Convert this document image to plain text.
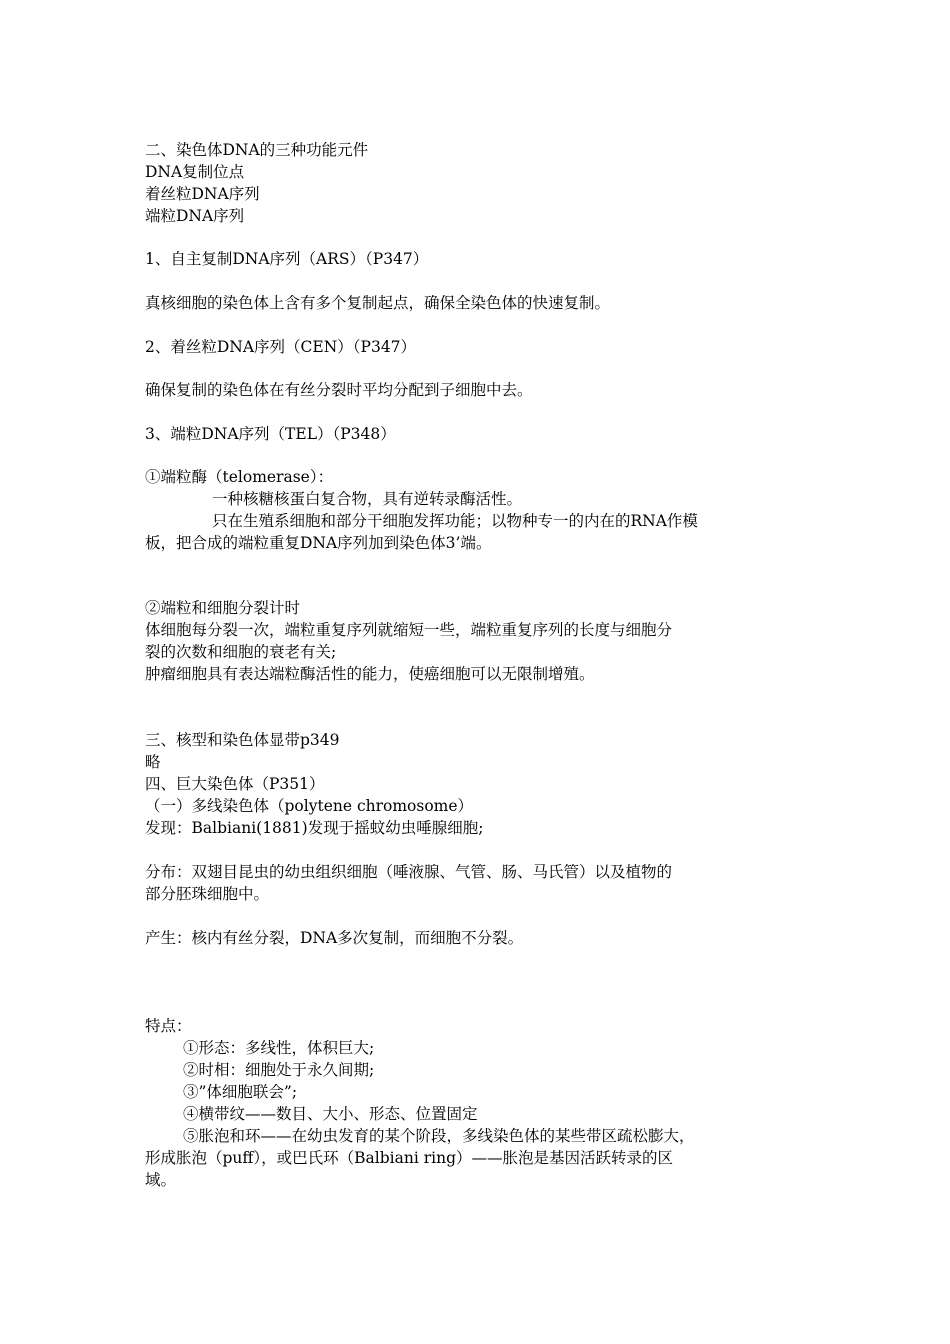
二、染色体DNA的三种功能元件
DNA复制位点
着丝粒DNA序列
端粒DNA序列
1、自主复制DNA序列（ARS）（P347）
真核细胞的染色体上含有多个复制起点，确保全染色体的快速复制。
2、着丝粒DNA序列（CEN）（P347）
确保复制的染色体在有丝分裂时平均分配到子细胞中去。
3、端粒DNA序列（TEL）（P348）
①端粒酶（telomerase）：
一种核糖核蛋白复合物，具有逆转录酶活性。
只在生殖系细胞和部分干细胞发挥功能；以物种专一的内在的RNA作模
板，把合成的端粒重复DNA序列加到染色体3’端。
②端粒和细胞分裂计时
体细胞每分裂一次，端粒重复序列就缩短一些，端粒重复序列的长度与细胞分
裂的次数和细胞的衰老有关;
肿瘤细胞具有表达端粒酶活性的能力，使癌细胞可以无限制增殖。
三、核型和染色体显带p349
略
四、巨大染色体（P351）
（一）多线染色体（polytene chromosome）
发现：Balbiani(1881)发现于摇蚊幼虫唾腺细胞;
分布：双翅目昆虫的幼虫组织细胞（唾液腺、气管、肠、马氏管）以及植物的
部分胚珠细胞中。
产生：核内有丝分裂，DNA多次复制，而细胞不分裂。
特点：
①形态：多线性，体积巨大;
②时相：细胞处于永久间期;
③”体细胞联会”;
④横带纹——数目、大小、形态、位置固定
⑤胀泡和环——在幼虫发育的某个阶段，多线染色体的某些带区疏松膨大，
形成胀泡（puff），或巴氏环（Balbiani ring）——胀泡是基因活跃转录的区
域。
